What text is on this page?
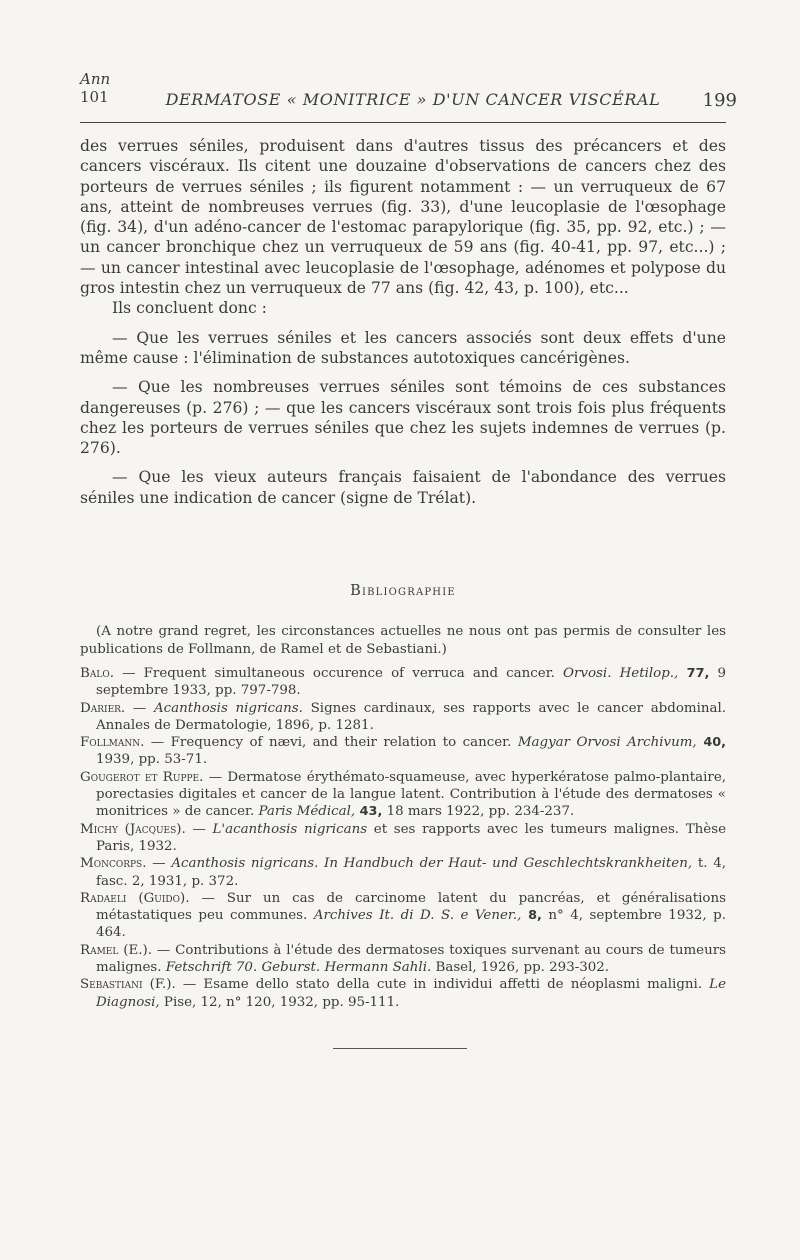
Ann
101	DERMATOSE « MONITRICE » D'UN CANCER VISCÉRAL	199

des verrues séniles, produisent dans d'autres tissus des précancers et des cancers viscéraux. Ils citent une douzaine d'observations de cancers chez des porteurs de verrues séniles ; ils figurent notamment : — un verruqueux de 67 ans, atteint de nombreuses verrues (fig. 33), d'une leucoplasie de l'œsophage (fig. 34), d'un adéno-cancer de l'estomac parapylorique (fig. 35, pp. 92, etc.) ; — un cancer bronchique chez un verruqueux de 59 ans (fig. 40-41, pp. 97, etc...) ; — un cancer intestinal avec leucoplasie de l'œsophage, adénomes et polypose du gros intestin chez un verruqueux de 77 ans (fig. 42, 43, p. 100), etc...

Ils concluent donc :

— Que les verrues séniles et les cancers associés sont deux effets d'une même cause : l'élimination de substances autotoxiques cancérigènes.

— Que les nombreuses verrues séniles sont témoins de ces substances dangereuses (p. 276) ; — que les cancers viscéraux sont trois fois plus fréquents chez les porteurs de verrues séniles que chez les sujets indemnes de verrues (p. 276).

— Que les vieux auteurs français faisaient de l'abondance des verrues séniles une indication de cancer (signe de Trélat).

Bibliographie
(A notre grand regret, les circonstances actuelles ne nous ont pas permis de consulter les publications de Follmann, de Ramel et de Sebastiani.)

Balo. — Frequent simultaneous occurence of verruca and cancer. Orvosi. Hetilop., 77, 9 septembre 1933, pp. 797-798.

Darier. — Acanthosis nigricans. Signes cardinaux, ses rapports avec le cancer abdominal. Annales de Dermatologie, 1896, p. 1281.

Follmann. — Frequency of nævi, and their relation to cancer. Magyar Orvosi Archivum, 40, 1939, pp. 53-71.

Gougerot et Ruppe. — Dermatose érythémato-squameuse, avec hyperkératose palmo-plantaire, porectasies digitales et cancer de la langue latent. Contribution à l'étude des dermatoses « monitrices » de cancer. Paris Médical, 43, 18 mars 1922, pp. 234-237.

Michy (Jacques). — L'acanthosis nigricans et ses rapports avec les tumeurs malignes. Thèse Paris, 1932.

Moncorps. — Acanthosis nigricans. In Handbuch der Haut- und Geschlechtskrankheiten, t. 4, fasc. 2, 1931, p. 372.

Radaeli (Guido). — Sur un cas de carcinome latent du pancréas, et généralisations métastatiques peu communes. Archives It. di D. S. e Vener., 8, n° 4, septembre 1932, p. 464.

Ramel (E.). — Contributions à l'étude des dermatoses toxiques survenant au cours de tumeurs malignes. Fetschrift 70. Geburst. Hermann Sahli. Basel, 1926, pp. 293-302.

Sebastiani (F.). — Esame dello stato della cute in individui affetti de néoplasmi maligni. Le Diagnosi, Pise, 12, n° 120, 1932, pp. 95-111.
